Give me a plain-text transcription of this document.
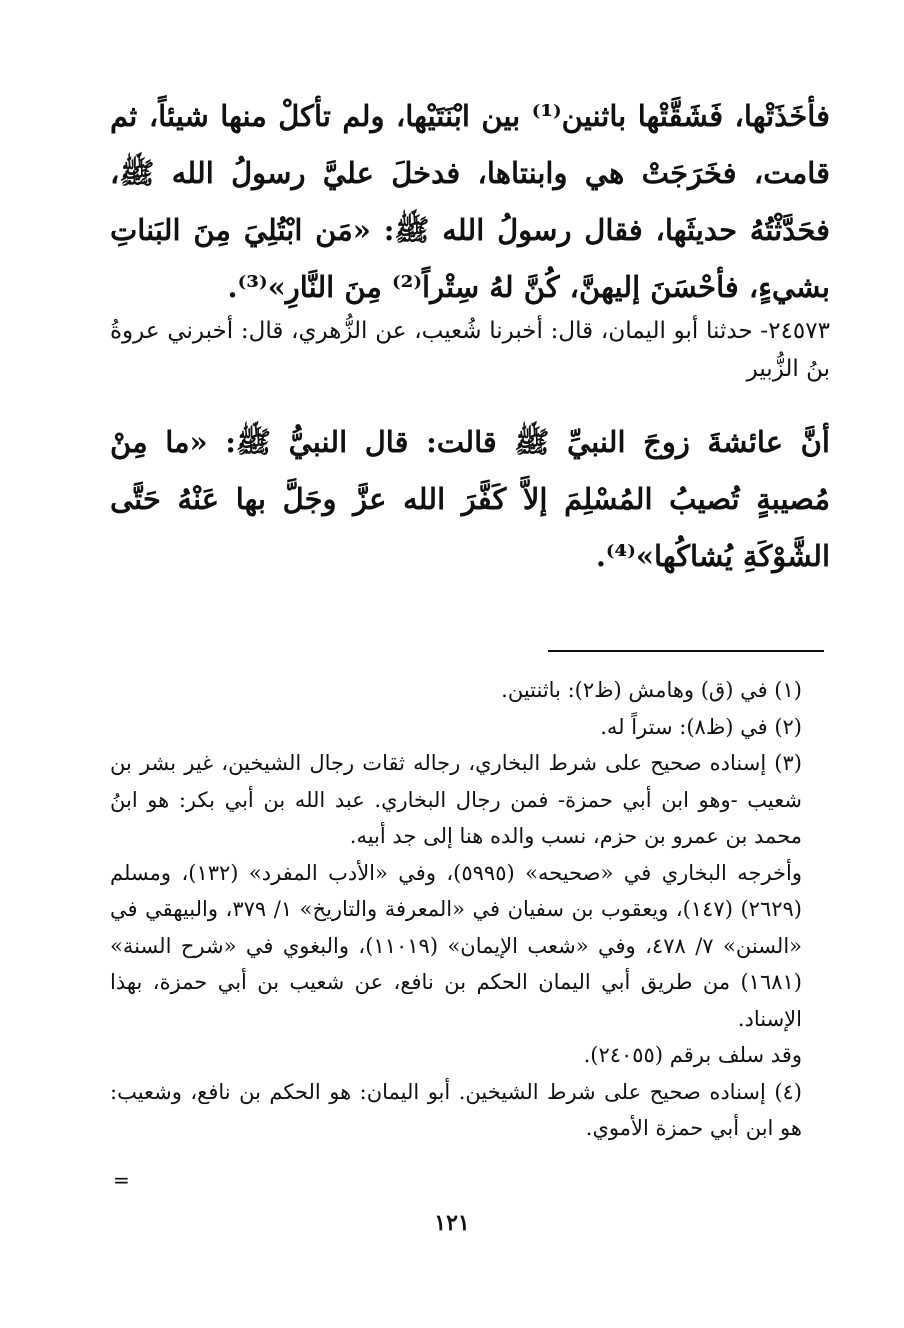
فأخَذَتْها، فَشَقَّتْها باثنين⁽¹⁾ بين ابْنَتَيْها، ولم تأكلْ منها شيئاً، ثم قامت، فخَرَجَتْ هي وابنتاها، فدخلَ عليَّ رسولُ الله ﷺ، فحَدَّثْتُهُ حديثَها، فقال رسولُ الله ﷺ: «مَن ابْتُلِيَ مِنَ البَناتِ بشيءٍ، فأحْسَنَ إليهنَّ، كُنَّ لهُ سِتْراً⁽²⁾ مِنَ النَّارِ»⁽³⁾.

٢٤٥٧٣- حدثنا أبو اليمان، قال: أخبرنا شُعيب، عن الزُّهري، قال: أخبرني عروةُ بنُ الزُّبير

أنَّ عائشةَ زوجَ النبيِّ ﷺ قالت: قال النبيُّ ﷺ: «ما مِنْ مُصيبةٍ تُصيبُ المُسْلِمَ إلاَّ كَفَّرَ الله عزَّ وجَلَّ بها عَنْهُ حَتَّى الشَّوْكَةِ يُشاكُها»⁽⁴⁾.

(١) في (ق) وهامش (ظ٢): باثنتين.

(٢) في (ظ٨): ستراً له.

(٣) إسناده صحيح على شرط البخاري، رجاله ثقات رجال الشيخين، غير بشر بن شعيب -وهو ابن أبي حمزة- فمن رجال البخاري. عبد الله بن أبي بكر: هو ابنُ محمد بن عمرو بن حزم، نسب والده هنا إلى جد أبيه.

وأخرجه البخاري في «صحيحه» (٥٩٩٥)، وفي «الأدب المفرد» (١٣٢)، ومسلم (٢٦٢٩) (١٤٧)، ويعقوب بن سفيان في «المعرفة والتاريخ» ١/ ٣٧٩، والبيهقي في «السنن» ٧/ ٤٧٨، وفي «شعب الإيمان» (١١٠١٩)، والبغوي في «شرح السنة» (١٦٨١) من طريق أبي اليمان الحكم بن نافع، عن شعيب بن أبي حمزة، بهذا الإسناد.

وقد سلف برقم (٢٤٠٥٥).

(٤) إسناده صحيح على شرط الشيخين. أبو اليمان: هو الحكم بن نافع، وشعيب: هو ابن أبي حمزة الأموي.

=
١٢١
